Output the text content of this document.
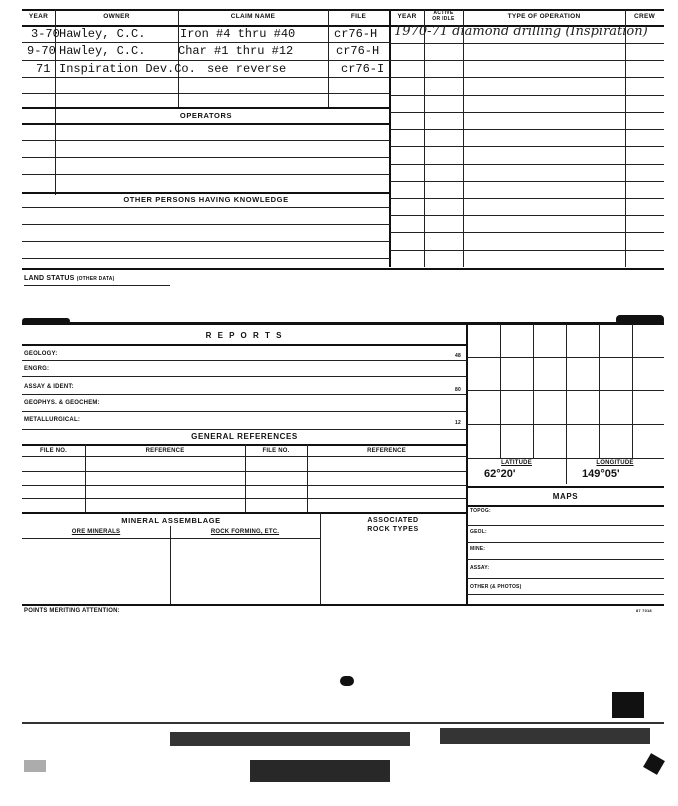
YEAR	OWNER	CLAIM NAME	FILE	YEAR	ACTIVE
OR IDLE	TYPE OF OPERATION	CREW
3-70 Hawley, C.C.	Iron #4 thru #40	cr76-H
9-70 Hawley, C.C.	Char #1 thru #12	cr76-H
71 Inspiration Dev.Co. see reverse	cr76-I
1970-71 diamond drilling (Inspiration)
OPERATORS
OTHER PERSONS HAVING KNOWLEDGE
LAND STATUS (OTHER DATA)
R E P O R T S
GEOLOGY:	48
ENGRG:
ASSAY & IDENT:	80
GEOPHYS. & GEOCHEM:
METALLURGICAL:	12
GENERAL REFERENCES
FILE NO.	REFERENCE	FILE NO.	REFERENCE
LATITUDE	LONGITUDE
62°20'	149°05'
MAPS
TOPOG:
GEOL:
MINE:
ASSAY:
OTHER (& PHOTOS)
MINERAL ASSEMBLAGE
ORE MINERALS	ROCK FORMING, ETC.
ASSOCIATED
ROCK TYPES
POINTS MERITING ATTENTION:	87 7018
